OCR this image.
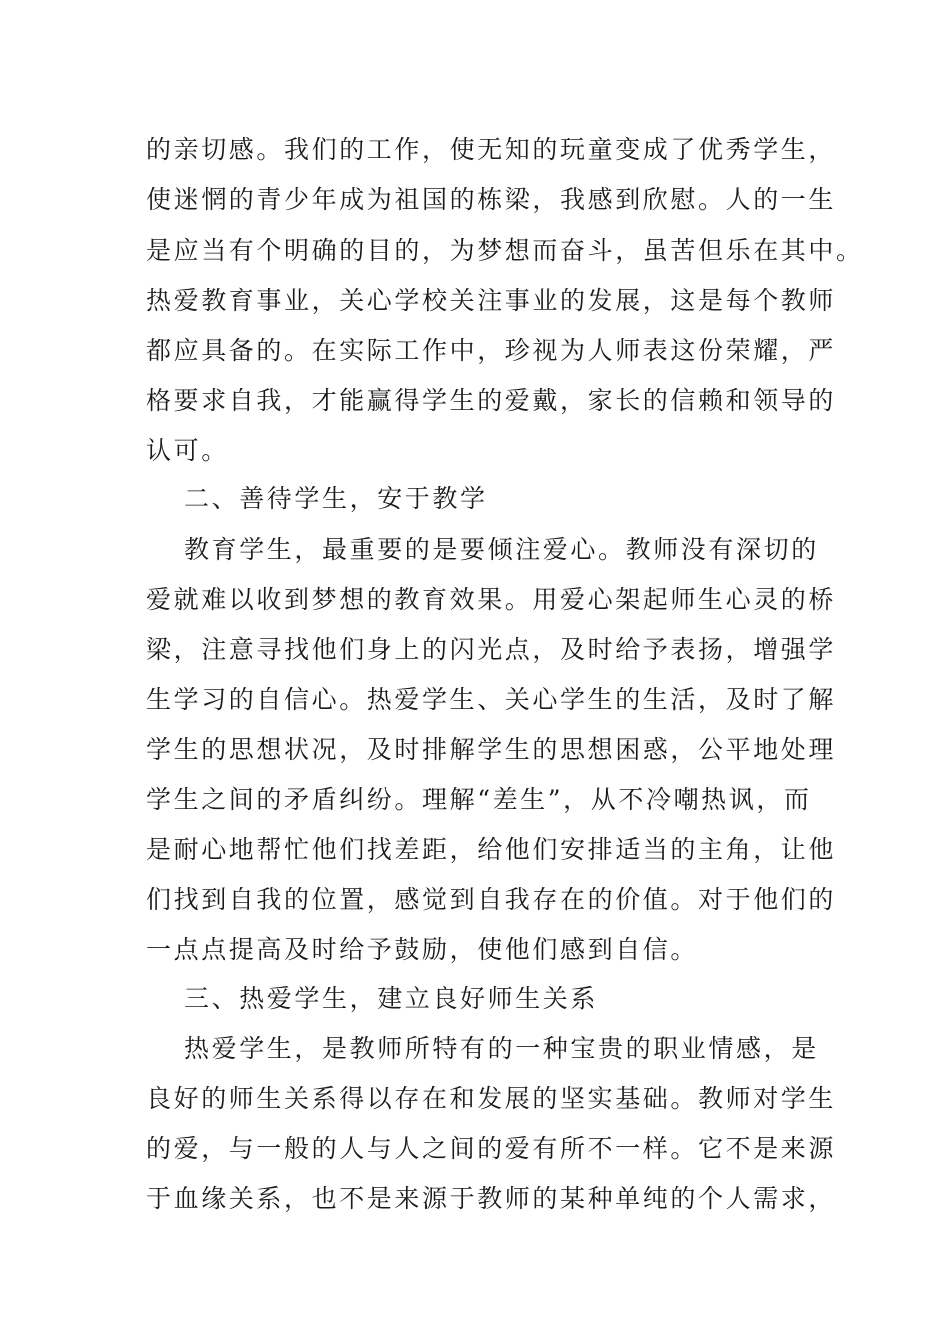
的亲切感。我们的工作，使无知的玩童变成了优秀学生，
使迷惘的青少年成为祖国的栋梁，我感到欣慰。人的一生
是应当有个明确的目的，为梦想而奋斗，虽苦但乐在其中。
热爱教育事业，关心学校关注事业的发展，这是每个教师
都应具备的。在实际工作中，珍视为人师表这份荣耀，严
格要求自我，才能赢得学生的爱戴，家长的信赖和领导的
认可。
二、善待学生，安于教学
教育学生，最重要的是要倾注爱心。教师没有深切的
爱就难以收到梦想的教育效果。用爱心架起师生心灵的桥
梁，注意寻找他们身上的闪光点，及时给予表扬，增强学
生学习的自信心。热爱学生、关心学生的生活，及时了解
学生的思想状况，及时排解学生的思想困惑，公平地处理
学生之间的矛盾纠纷。理解“差生”，从不冷嘲热讽，而
是耐心地帮忙他们找差距，给他们安排适当的主角，让他
们找到自我的位置，感觉到自我存在的价值。对于他们的
一点点提高及时给予鼓励，使他们感到自信。
三、热爱学生，建立良好师生关系
热爱学生，是教师所特有的一种宝贵的职业情感，是
良好的师生关系得以存在和发展的坚实基础。教师对学生
的爱，与一般的人与人之间的爱有所不一样。它不是来源
于血缘关系，也不是来源于教师的某种单纯的个人需求，
